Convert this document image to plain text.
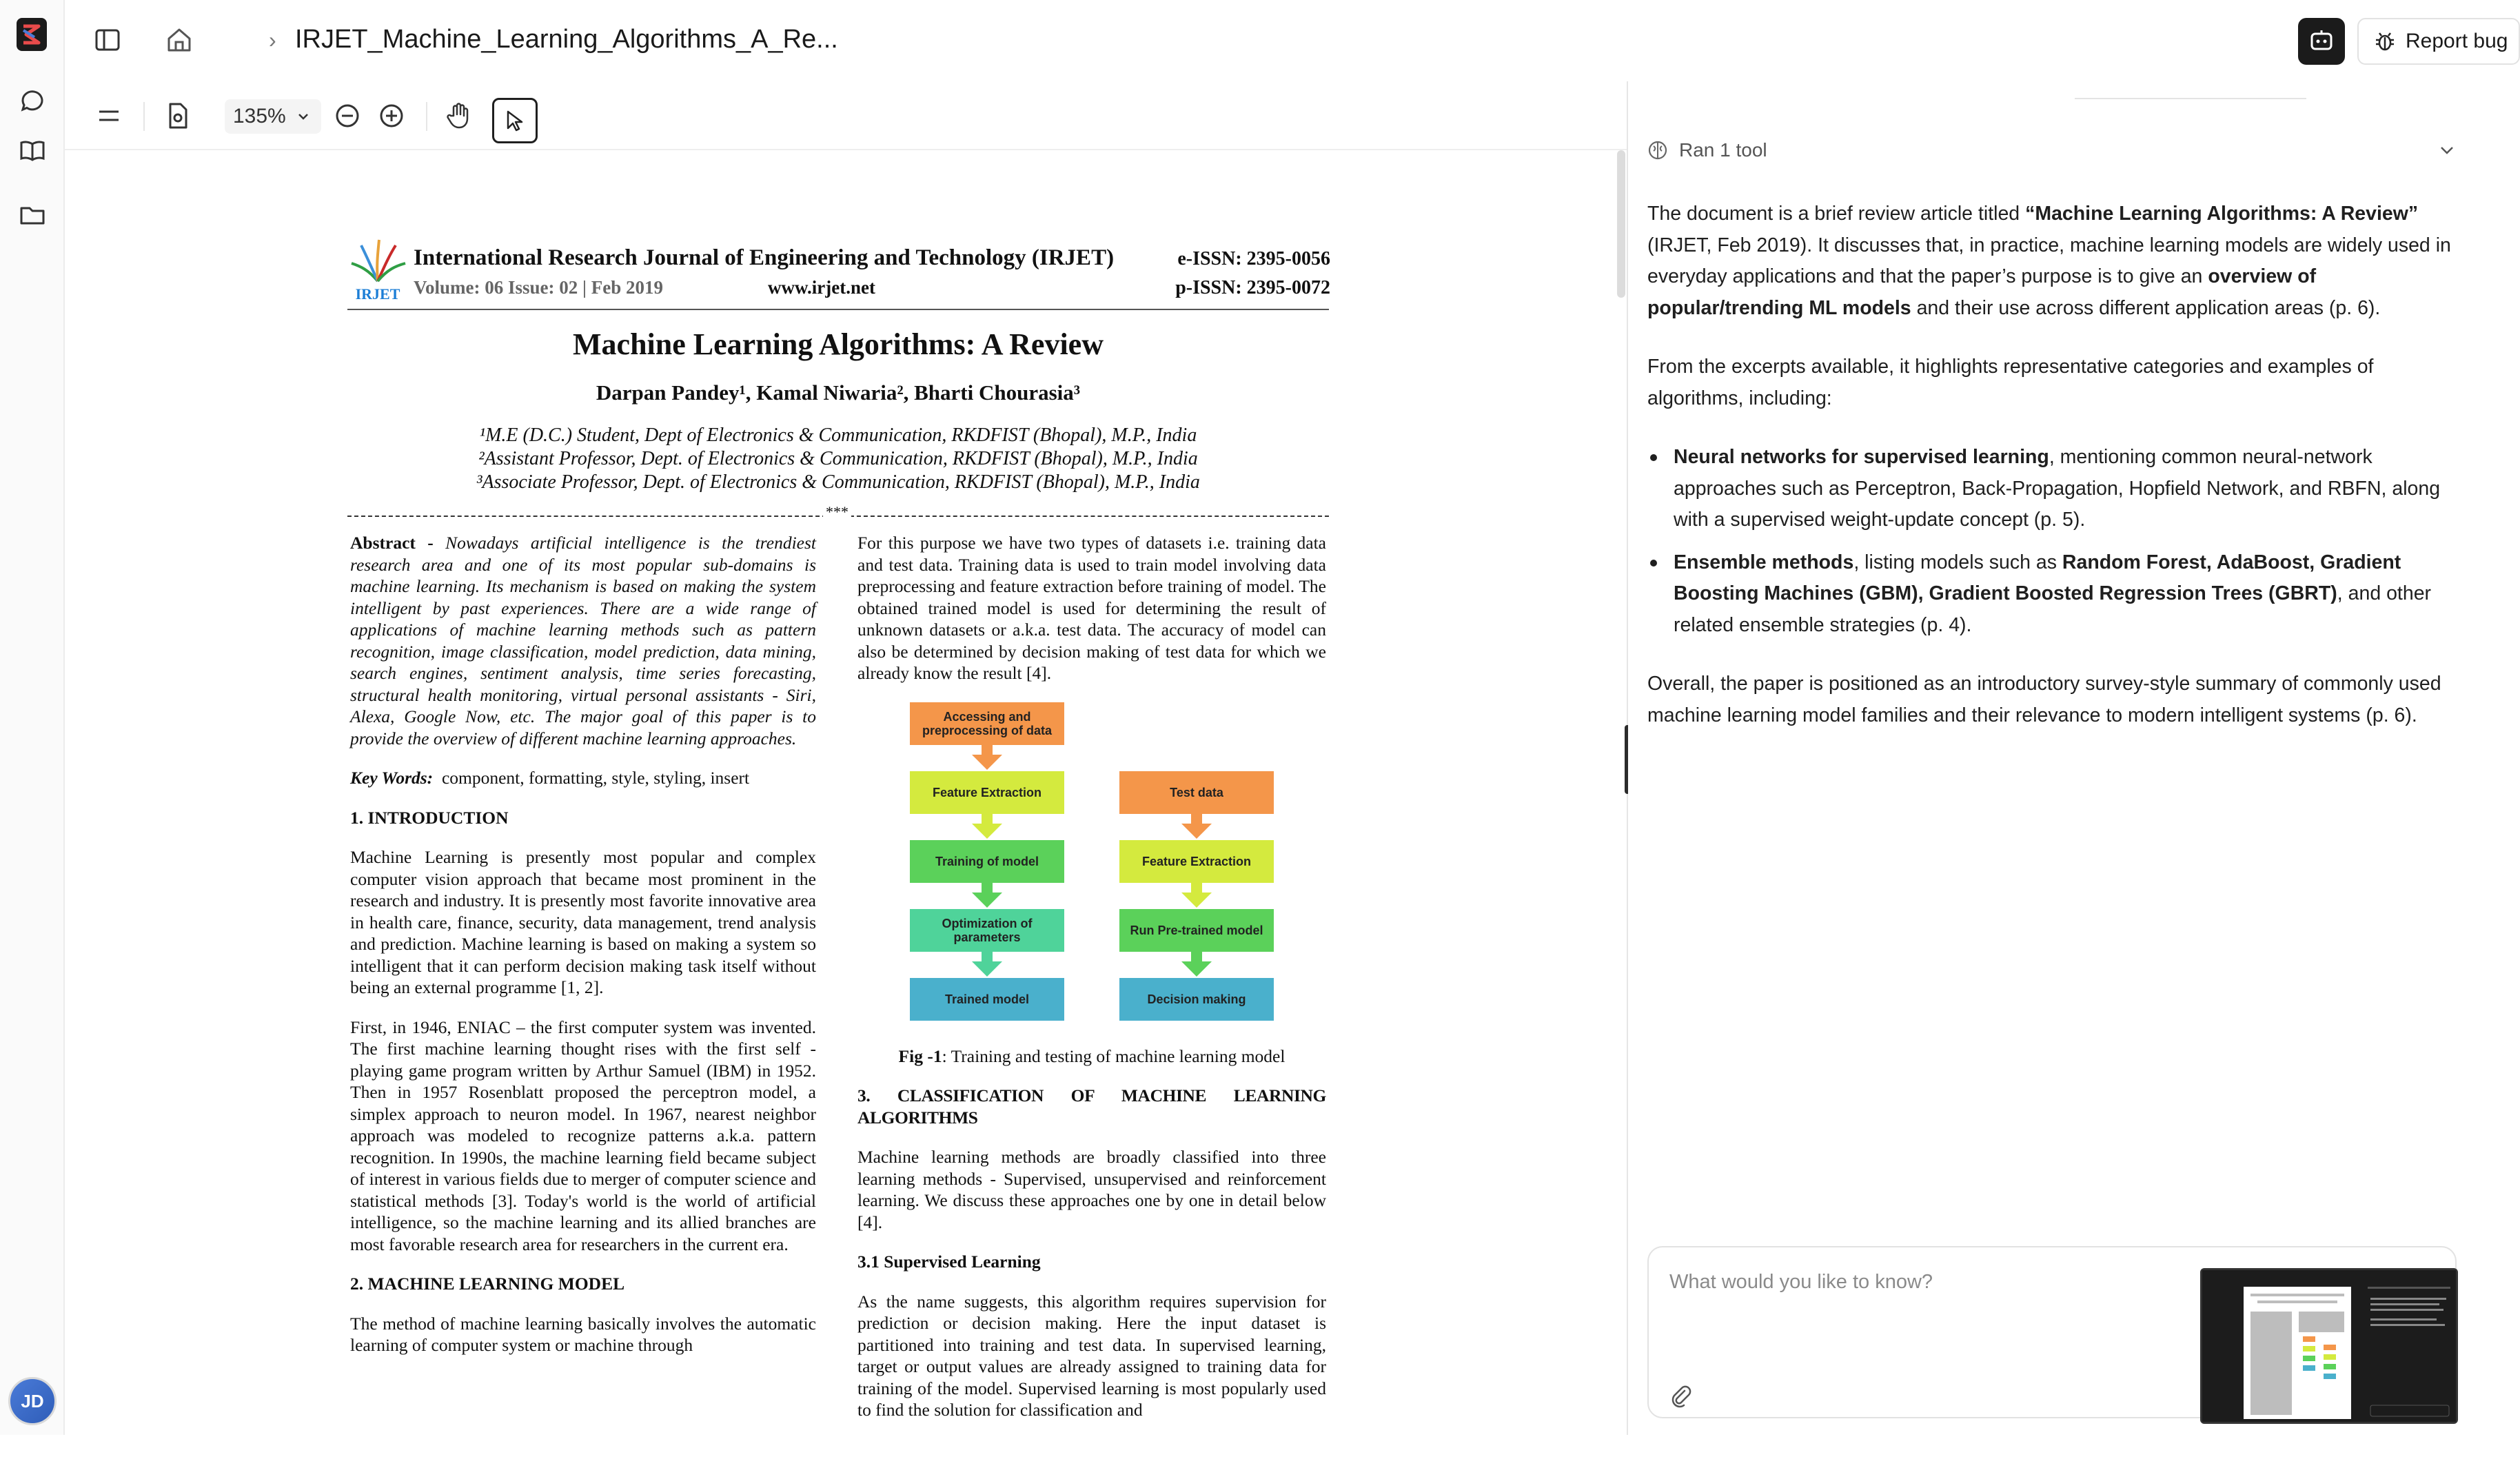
JD
› IRJET_Machine_Learning_Algorithms_A_Re...	Report bug
135%
IRJET
International Research Journal of Engineering and Technology (IRJET)
Volume: 06 Issue: 02 | Feb 2019	www.irjet.net
e-ISSN: 2395-0056
p-ISSN: 2395-0072
Machine Learning Algorithms: A Review
Darpan Pandey¹, Kamal Niwaria², Bharti Chourasia³
¹M.E (D.C.) Student, Dept of Electronics & Communication, RKDFIST (Bhopal), M.P., India
²Assistant Professor, Dept. of Electronics & Communication, RKDFIST (Bhopal), M.P., India
³Associate Professor, Dept. of Electronics & Communication, RKDFIST (Bhopal), M.P., India
***

Abstract - Nowadays artificial intelligence is the trendiest research area and one of its most popular sub-domains is machine learning. Its mechanism is based on making the system intelligent by past experiences. There are a wide range of applications of machine learning methods such as pattern recognition, image classification, model prediction, data mining, search engines, sentiment analysis, time series forecasting, structural health monitoring, virtual personal assistants - Siri, Alexa, Google Now, etc. The major goal of this paper is to provide the overview of different machine learning approaches.

Key Words: component, formatting, style, styling, insert

1. INTRODUCTION

Machine Learning is presently most popular and complex computer vision approach that became most prominent in the research and industry. It is presently most favorite innovative area in health care, finance, security, data management, trend analysis and prediction. Machine learning is based on making a system so intelligent that it can perform decision making task itself without being an external programme [1, 2].

First, in 1946, ENIAC – the first computer system was invented. The first machine learning thought rises with the first self -playing game program written by Arthur Samuel (IBM) in 1952. Then in 1957 Rosenblatt proposed the perceptron model, a simplex approach to neuron model. In 1967, nearest neighbor approach was modeled to recognize patterns a.k.a. pattern recognition. In 1990s, the machine learning field became subject of interest in various fields due to merger of computer science and statistical methods [3]. Today's world is the world of artificial intelligence, so the machine learning and its allied branches are most favorable research area for researchers in the current era.

2. MACHINE LEARNING MODEL

The method of machine learning basically involves the automatic learning of computer system or machine through

For this purpose we have two types of datasets i.e. training data and test data. Training data is used to train model involving data preprocessing and feature extraction before training of model. The obtained trained model is used for determining the result of unknown datasets or a.k.a. test data. The accuracy of model can also be determined by decision making of test data for which we already know the result [4].

Accessing and preprocessing of data
Feature Extraction
Training of model
Optimization of parameters
Trained model
Test data
Feature Extraction
Run Pre-trained model
Decision making

Fig -1: Training and testing of machine learning model

3. CLASSIFICATION OF MACHINE LEARNING ALGORITHMS

Machine learning methods are broadly classified into three learning methods - Supervised, unsupervised and reinforcement learning. We discuss these approaches one by one in detail below [4].

3.1 Supervised Learning

As the name suggests, this algorithm requires supervision for prediction or decision making. Here the input dataset is partitioned into training and test data. In supervised learning, target or output values are already assigned to training data for training of the model. Supervised learning is most popularly used to find the solution for classification and

Ran 1 tool

The document is a brief review article titled “Machine Learning Algorithms: A Review” (IRJET, Feb 2019). It discusses that, in practice, machine learning models are widely used in everyday applications and that the paper’s purpose is to give an overview of popular/trending ML models and their use across different application areas (p. 6).

From the excerpts available, it highlights representative categories and examples of algorithms, including:

Neural networks for supervised learning, mentioning common neural-network approaches such as Perceptron, Back-Propagation, Hopfield Network, and RBFN, along with a supervised weight-update concept (p. 5).
Ensemble methods, listing models such as Random Forest, AdaBoost, Gradient Boosting Machines (GBM), Gradient Boosted Regression Trees (GBRT), and other related ensemble strategies (p. 4).

Overall, the paper is positioned as an introductory survey-style summary of commonly used machine learning model families and their relevance to modern intelligent systems (p. 6).

What would you like to know?
